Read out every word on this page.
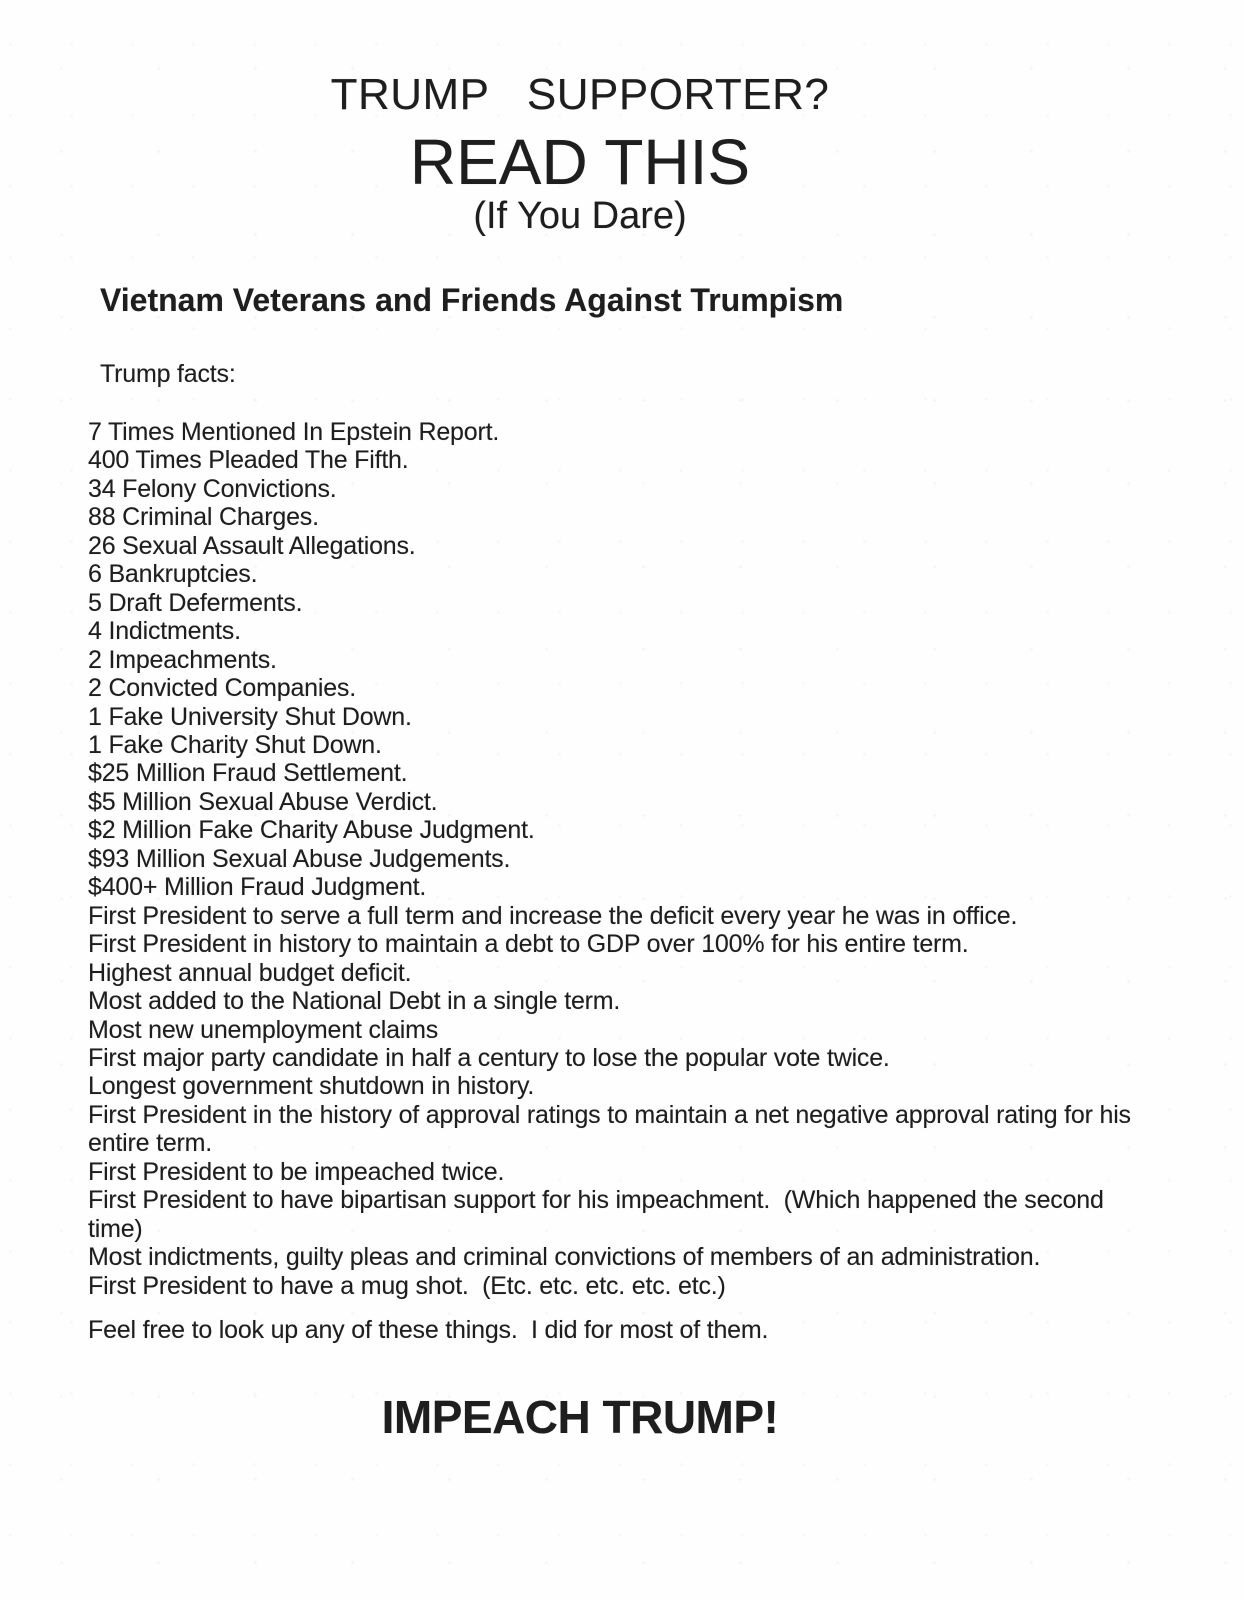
TRUMP   SUPPORTER?
READ THIS
(If You Dare)
Vietnam Veterans and Friends Against Trumpism
Trump facts:
7 Times Mentioned In Epstein Report.
400 Times Pleaded The Fifth.
34 Felony Convictions.
88 Criminal Charges.
26 Sexual Assault Allegations.
6 Bankruptcies.
5 Draft Deferments.
4 Indictments.
2 Impeachments.
2 Convicted Companies.
1 Fake University Shut Down.
1 Fake Charity Shut Down.
$25 Million Fraud Settlement.
$5 Million Sexual Abuse Verdict.
$2 Million Fake Charity Abuse Judgment.
$93 Million Sexual Abuse Judgements.
$400+ Million Fraud Judgment.
First President to serve a full term and increase the deficit every year he was in office.
First President in history to maintain a debt to GDP over 100% for his entire term.
Highest annual budget deficit.
Most added to the National Debt in a single term.
Most new unemployment claims
First major party candidate in half a century to lose the popular vote twice.
Longest government shutdown in history.
First President in the history of approval ratings to maintain a net negative approval rating for his
entire term.
First President to be impeached twice.
First President to have bipartisan support for his impeachment.  (Which happened the second
time)
Most indictments, guilty pleas and criminal convictions of members of an administration.
First President to have a mug shot.  (Etc. etc. etc. etc. etc.)
Feel free to look up any of these things.  I did for most of them.
IMPEACH TRUMP!
